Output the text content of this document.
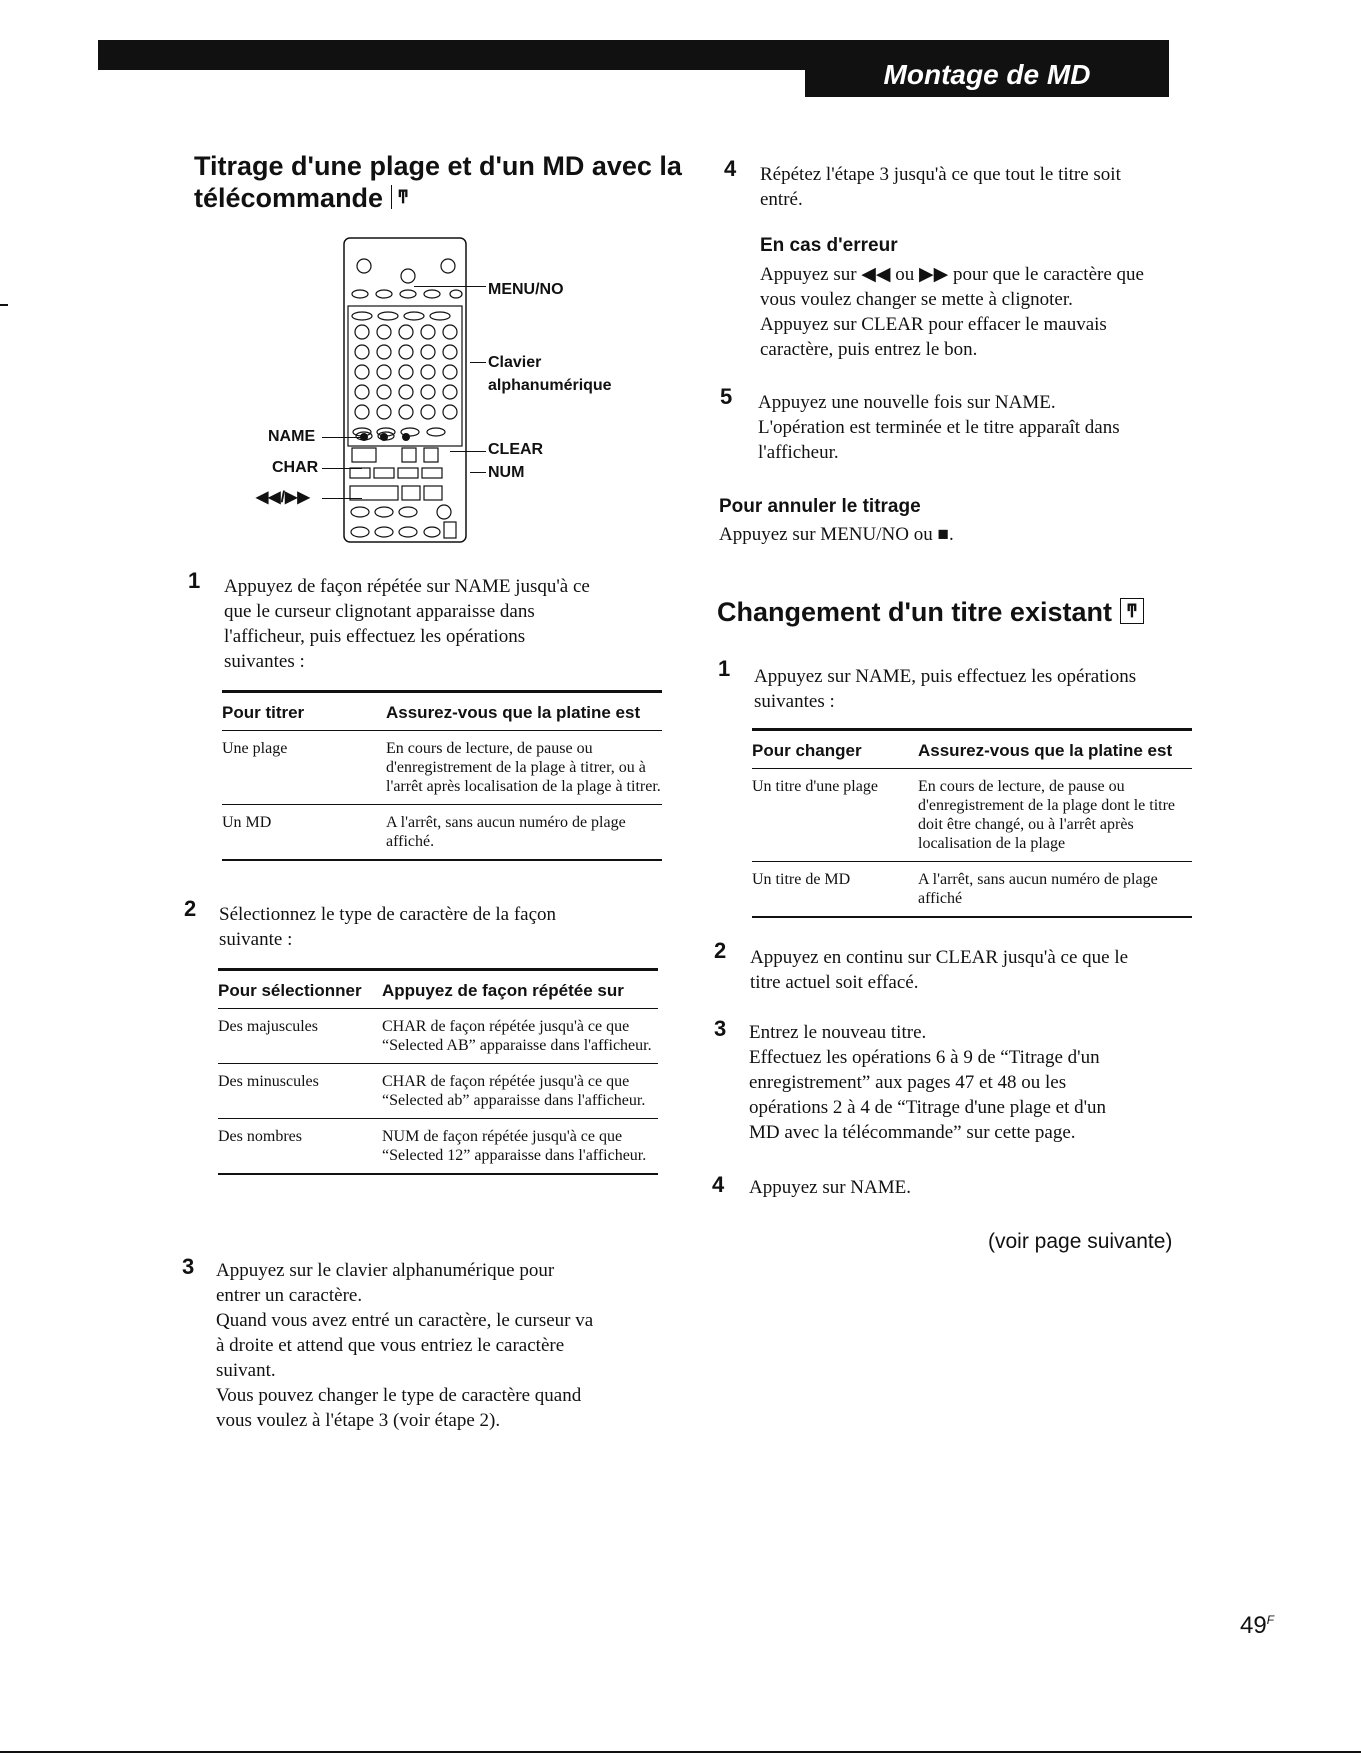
Montage de MD enregistrés
Titrage d'une plage et d'un MD avec la
télécommande ͳ
MENU/NO
Clavier
alphanumérique
NAME
CHAR
◀◀/▶▶
CLEAR
NUM
1 Appuyez de façon répétée sur NAME jusqu'à ce
que le curseur clignotant apparaisse dans
l'afficheur, puis effectuez les opérations
suivantes :
Pour titrer	Assurez-vous que la platine est
Une plage	En cours de lecture, de pause ou d'enregistrement de la plage à titrer, ou à l'arrêt après localisation de la plage à titrer.
Un MD	A l'arrêt, sans aucun numéro de plage affiché.
2 Sélectionnez le type de caractère de la façon
suivante :
Pour sélectionner	Appuyez de façon répétée sur
Des majuscules	CHAR de façon répétée jusqu'à ce que “Selected AB” apparaisse dans l'afficheur.
Des minuscules	CHAR de façon répétée jusqu'à ce que “Selected ab” apparaisse dans l'afficheur.
Des nombres	NUM de façon répétée jusqu'à ce que “Selected 12” apparaisse dans l'afficheur.
3 Appuyez sur le clavier alphanumérique pour
entrer un caractère.
Quand vous avez entré un caractère, le curseur va
à droite et attend que vous entriez le caractère
suivant.
Vous pouvez changer le type de caractère quand
vous voulez à l'étape 3 (voir étape 2).
4 Répétez l'étape 3 jusqu'à ce que tout le titre soit
entré.
En cas d'erreur
Appuyez sur ◀◀ ou ▶▶ pour que le caractère que
vous voulez changer se mette à clignoter.
Appuyez sur CLEAR pour effacer le mauvais
caractère, puis entrez le bon.
5 Appuyez une nouvelle fois sur NAME.
L'opération est terminée et le titre apparaît dans
l'afficheur.
Pour annuler le titrage
Appuyez sur MENU/NO ou ■.
Changement d'un titre existant ͳ
1 Appuyez sur NAME, puis effectuez les opérations
suivantes :
Pour changer	Assurez-vous que la platine est
Un titre d'une plage	En cours de lecture, de pause ou d'enregistrement de la plage dont le titre doit être changé, ou à l'arrêt après localisation de la plage
Un titre de MD	A l'arrêt, sans aucun numéro de plage affiché
2 Appuyez en continu sur CLEAR jusqu'à ce que le
titre actuel soit effacé.
3 Entrez le nouveau titre.
Effectuez les opérations 6 à 9 de “Titrage d'un
enregistrement” aux pages 47 et 48 ou les
opérations 2 à 4 de “Titrage d'une plage et d'un
MD avec la télécommande” sur cette page.
4 Appuyez sur NAME.
(voir page suivante)
$49^F$
